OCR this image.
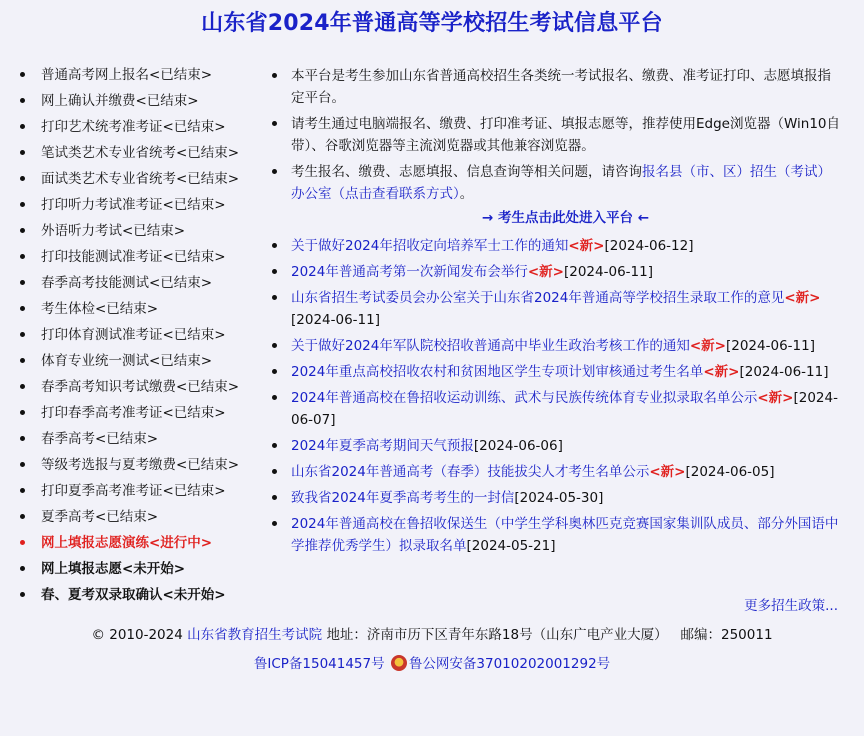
山东省2024年普通高等学校招生考试信息平台
普通高考网上报名<已结束>
网上确认并缴费<已结束>
打印艺术统考准考证<已结束>
笔试类艺术专业省统考<已结束>
面试类艺术专业省统考<已结束>
打印听力考试准考证<已结束>
外语听力考试<已结束>
打印技能测试准考证<已结束>
春季高考技能测试<已结束>
考生体检<已结束>
打印体育测试准考证<已结束>
体育专业统一测试<已结束>
春季高考知识考试缴费<已结束>
打印春季高考准考证<已结束>
春季高考<已结束>
等级考选报与夏考缴费<已结束>
打印夏季高考准考证<已结束>
夏季高考<已结束>
网上填报志愿演练<进行中>
网上填报志愿<未开始>
春、夏考双录取确认<未开始>
本平台是考生参加山东省普通高校招生各类统一考试报名、缴费、准考证打印、志愿填报指定平台。
请考生通过电脑端报名、缴费、打印准考证、填报志愿等，推荐使用Edge浏览器（Win10自带）、谷歌浏览器等主流浏览器或其他兼容浏览器。
考生报名、缴费、志愿填报、信息查询等相关问题，请咨询报名县（市、区）招生（考试）办公室（点击查看联系方式）。
→ 考生点击此处进入平台 ←
关于做好2024年招收定向培养军士工作的通知<新>[2024-06-12]
2024年普通高考第一次新闻发布会举行<新>[2024-06-11]
山东省招生考试委员会办公室关于山东省2024年普通高等学校招生录取工作的意见<新>[2024-06-11]
关于做好2024年军队院校招收普通高中毕业生政治考核工作的通知<新>[2024-06-11]
2024年重点高校招收农村和贫困地区学生专项计划审核通过考生名单<新>[2024-06-11]
2024年普通高校在鲁招收运动训练、武术与民族传统体育专业拟录取名单公示<新>[2024-06-07]
2024年夏季高考期间天气预报[2024-06-06]
山东省2024年普通高考（春季）技能拔尖人才考生名单公示<新>[2024-06-05]
致我省2024年夏季高考考生的一封信[2024-05-30]
2024年普通高校在鲁招收保送生（中学生学科奥林匹克竞赛国家集训队成员、部分外国语中学推荐优秀学生）拟录取名单[2024-05-21]
更多招生政策...
© 2010-2024 山东省教育招生考试院 地址：济南市历下区青年东路18号（山东广电产业大厦） 邮编：250011
鲁ICP备15041457号 鲁公网安备37010202001292号
